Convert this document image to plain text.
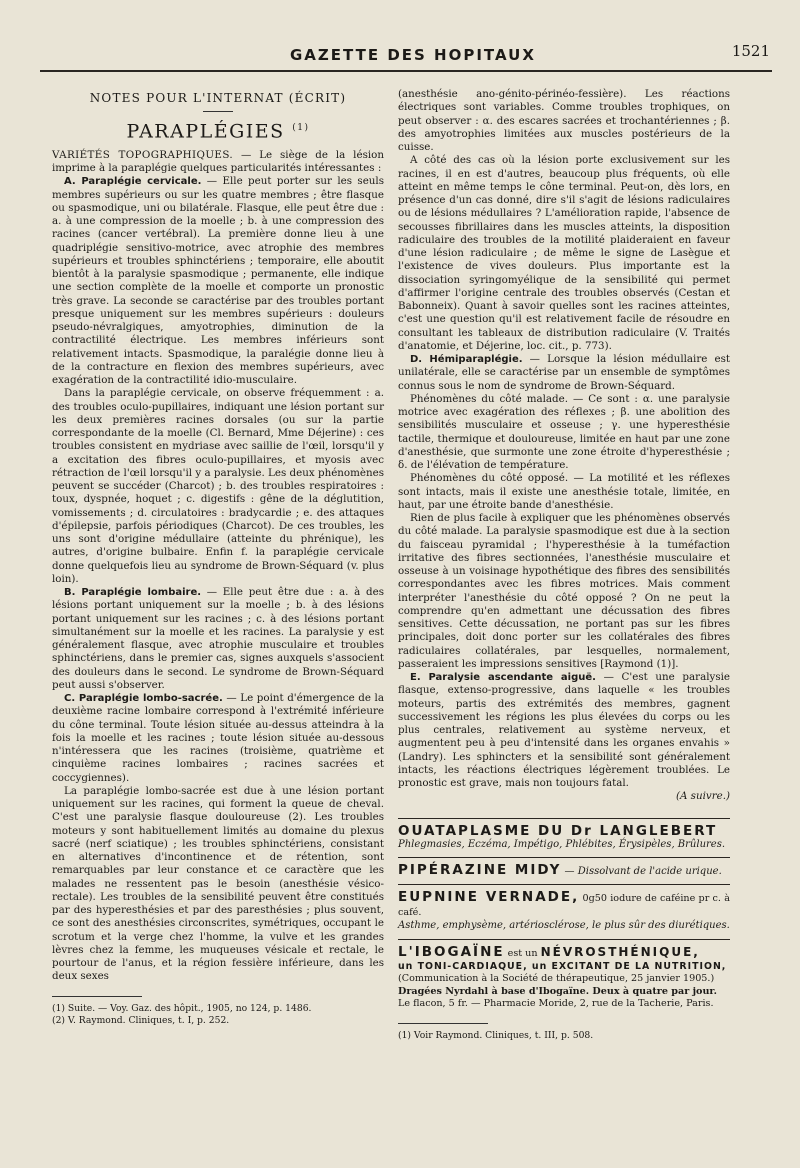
GAZETTE DES HOPITAUX	1521
NOTES POUR L'INTERNAT (ÉCRIT)
PARAPLÉGIES $^{(1)}$

VARIÉTÉS TOPOGRAPHIQUES. — Le siège de la lésion imprime à la paraplégie quelques particularités intéressantes :

A. Paraplégie cervicale. — Elle peut porter sur les seuls membres supérieurs ou sur les quatre membres ; être flasque ou spasmodique, uni ou bilatérale. Flasque, elle peut être due : a. à une compression de la moelle ; b. à une compression des racines (cancer vertébral). La première donne lieu à une quadriplégie sensitivo-motrice, avec atrophie des membres supérieurs et troubles sphinctériens ; temporaire, elle aboutit bientôt à la paralysie spasmodique ; permanente, elle indique une section complète de la moelle et comporte un pronostic très grave. La seconde se caractérise par des troubles portant presque uniquement sur les membres supérieurs : douleurs pseudo-névralgiques, amyotrophies, diminution de la contractilité électrique. Les membres inférieurs sont relativement intacts. Spasmodique, la paralégie donne lieu à de la contracture en flexion des membres supérieurs, avec exagération de la contractilité idio-musculaire.

Dans la paraplégie cervicale, on observe fréquemment : a. des troubles oculo-pupillaires, indiquant une lésion portant sur les deux premières racines dorsales (ou sur la partie correspondante de la moelle (Cl. Bernard, Mme Déjerine) : ces troubles consistent en mydriase avec saillie de l'œil, lorsqu'il y a excitation des fibres oculo-pupillaires, et myosis avec rétraction de l'œil lorsqu'il y a paralysie. Les deux phénomènes peuvent se succéder (Charcot) ; b. des troubles respiratoires : toux, dyspnée, hoquet ; c. digestifs : gêne de la déglutition, vomissements ; d. circulatoires : bradycardie ; e. des attaques d'épilepsie, parfois périodiques (Charcot). De ces troubles, les uns sont d'origine médullaire (atteinte du phrénique), les autres, d'origine bulbaire. Enfin f. la paraplégie cervicale donne quelquefois lieu au syndrome de Brown-Séquard (v. plus loin).

B. Paraplégie lombaire. — Elle peut être due : a. à des lésions portant uniquement sur la moelle ; b. à des lésions portant uniquement sur les racines ; c. à des lésions portant simultanément sur la moelle et les racines. La paralysie y est généralement flasque, avec atrophie musculaire et troubles sphinctériens, dans le premier cas, signes auxquels s'associent des douleurs dans le second. Le syndrome de Brown-Séquard peut aussi s'observer.

C. Paraplégie lombo-sacrée. — Le point d'émergence de la deuxième racine lombaire correspond à l'extrémité inférieure du cône terminal. Toute lésion située au-dessus atteindra à la fois la moelle et les racines ; toute lésion située au-dessous n'intéressera que les racines (troisième, quatrième et cinquième racines lombaires ; racines sacrées et coccygiennes).

La paraplégie lombo-sacrée est due à une lésion portant uniquement sur les racines, qui forment la queue de cheval. C'est une paralysie flasque douloureuse (2). Les troubles moteurs y sont habituellement limités au domaine du plexus sacré (nerf sciatique) ; les troubles sphinctériens, consistant en alternatives d'incontinence et de rétention, sont remarquables par leur constance et ce caractère que les malades ne ressentent pas le besoin (anesthésie vésico-rectale). Les troubles de la sensibilité peuvent être constitués par des hyperesthésies et par des paresthésies ; plus souvent, ce sont des anesthésies circonscrites, symétriques, occupant le scrotum et la verge chez l'homme, la vulve et les grandes lèvres chez la femme, les muqueuses vésicale et rectale, le pourtour de l'anus, et la région fessière inférieure, dans les deux sexes

(1) Suite. — Voy. Gaz. des hôpit., 1905, no 124, p. 1486.

(2) V. Raymond. Cliniques, t. I, p. 252.

(anesthésie ano-génito-périnéo-fessière). Les réactions électriques sont variables. Comme troubles trophiques, on peut observer : α. des escares sacrées et trochantériennes ; β. des amyotrophies limitées aux muscles postérieurs de la cuisse.

A côté des cas où la lésion porte exclusivement sur les racines, il en est d'autres, beaucoup plus fréquents, où elle atteint en même temps le cône terminal. Peut-on, dès lors, en présence d'un cas donné, dire s'il s'agit de lésions radiculaires ou de lésions médullaires ? L'amélioration rapide, l'absence de secousses fibrillaires dans les muscles atteints, la disposition radiculaire des troubles de la motilité plaideraient en faveur d'une lésion radiculaire ; de même le signe de Lasègue et l'existence de vives douleurs. Plus importante est la dissociation syringomyélique de la sensibilité qui permet d'affirmer l'origine centrale des troubles observés (Cestan et Babonneix). Quant à savoir quelles sont les racines atteintes, c'est une question qu'il est relativement facile de résoudre en consultant les tableaux de distribution radiculaire (V. Traités d'anatomie, et Déjerine, loc. cit., p. 773).

D. Hémiparaplégie. — Lorsque la lésion médullaire est unilatérale, elle se caractérise par un ensemble de symptômes connus sous le nom de syndrome de Brown-Séquard.

Phénomènes du côté malade. — Ce sont : α. une paralysie motrice avec exagération des réflexes ; β. une abolition des sensibilités musculaire et osseuse ; γ. une hyperesthésie tactile, thermique et douloureuse, limitée en haut par une zone d'anesthésie, que surmonte une zone étroite d'hyperesthésie ; δ. de l'élévation de température.

Phénomènes du côté opposé. — La motilité et les réflexes sont intacts, mais il existe une anesthésie totale, limitée, en haut, par une étroite bande d'anesthésie.

Rien de plus facile à expliquer que les phénomènes observés du côté malade. La paralysie spasmodique est due à la section du faisceau pyramidal ; l'hyperesthésie à la tuméfaction irritative des fibres sectionnées, l'anesthésie musculaire et osseuse à un voisinage hypothétique des fibres des sensibilités correspondantes avec les fibres motrices. Mais comment interpréter l'anesthésie du côté opposé ? On ne peut la comprendre qu'en admettant une décussation des fibres sensitives. Cette décussation, ne portant pas sur les fibres principales, doit donc porter sur les collatérales des fibres radiculaires collatérales, par lesquelles, normalement, passeraient les impressions sensitives [Raymond (1)].

E. Paralysie ascendante aiguë. — C'est une paralysie flasque, extenso-progressive, dans laquelle « les troubles moteurs, partis des extrémités des membres, gagnent successivement les régions les plus élevées du corps ou les plus centrales, relativement au système nerveux, et augmentent peu à peu d'intensité dans les organes envahis » (Landry). Les sphincters et la sensibilité sont généralement intacts, les réactions électriques légèrement troublées. Le pronostic est grave, mais non toujours fatal.

(A suivre.)

OUATAPLASME DU Dr LANGLEBERT
Phlegmasies, Eczéma, Impétigo, Phlébites, Érysipèles, Brûlures.
PIPÉRAZINE MIDY — Dissolvant de l'acide urique.
EUPNINE VERNADE, 0g50 iodure de caféine pr c. à café.
Asthme, emphysème, artériosclérose, le plus sûr des diurétiques.
L'IBOGAÏNE est un NÉVROSTHÉNIQUE,
un TONI-CARDIAQUE, un EXCITANT DE LA NUTRITION,
(Communication à la Société de thérapeutique, 25 janvier 1905.)
Dragées Nyrdahl à base d'Ibogaïne. Deux à quatre par jour.
Le flacon, 5 fr. — Pharmacie Moride, 2, rue de la Tacherie, Paris.

(1) Voir Raymond. Cliniques, t. III, p. 508.
